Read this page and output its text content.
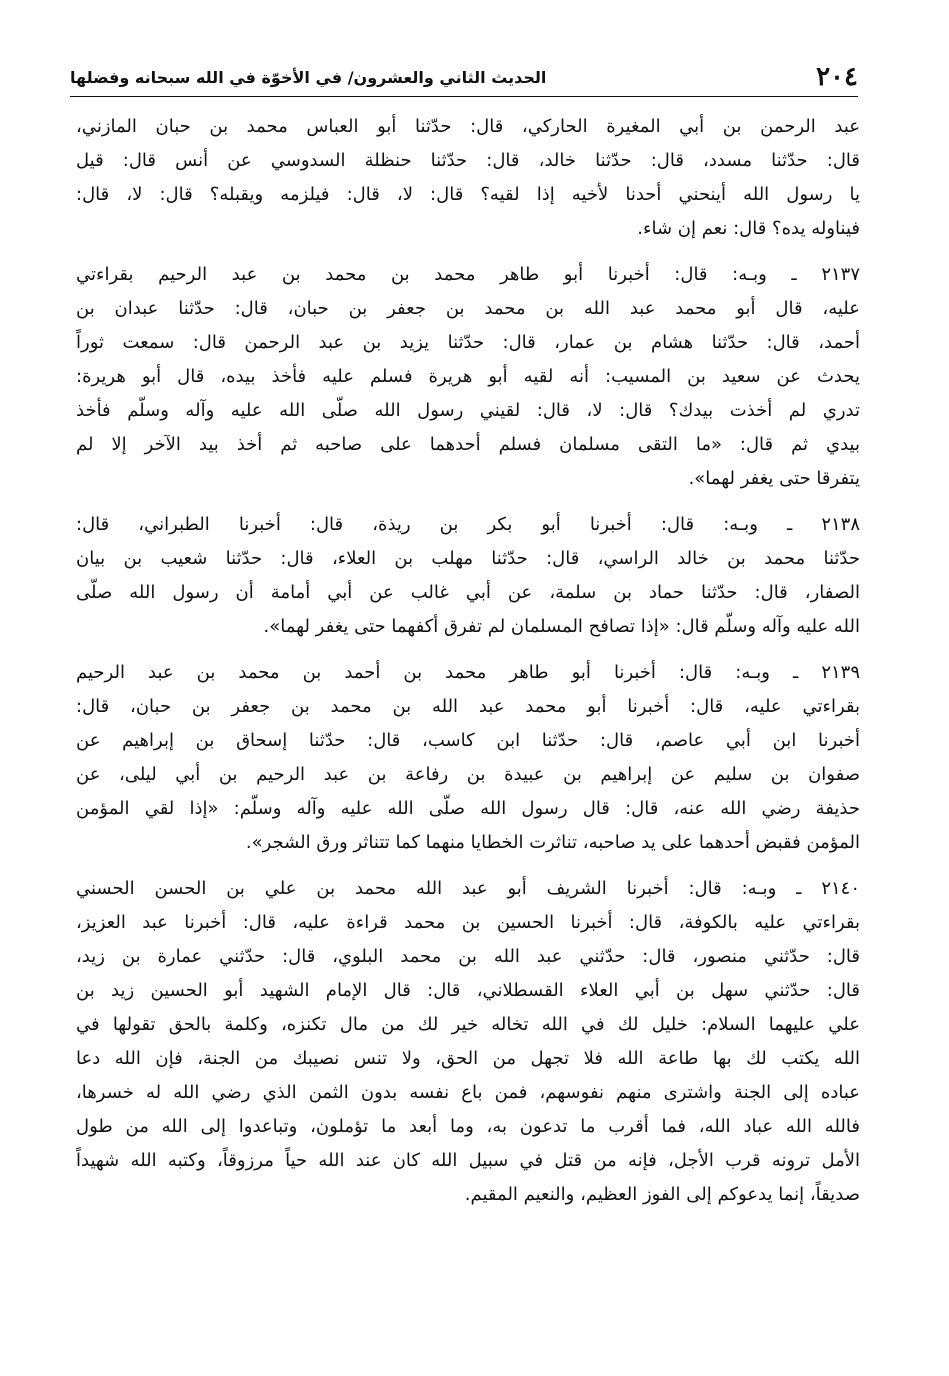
٢٠٤
الحديث الثاني والعشرون/ في الأخوّة في الله سبحانه وفضلها
عبد الرحمن بن أبي المغيرة الحاركي، قال: حدّثنا أبو العباس محمد بن حبان المازني،
قال: حدّثنا مسدد، قال: حدّثنا خالد، قال: حدّثنا حنظلة السدوسي عن أنس قال: قيل
يا رسول الله أينحني أحدنا لأخيه إذا لقيه؟ قال: لا، قال: فيلزمه ويقبله؟ قال: لا، قال:
فيناوله يده؟ قال: نعم إن شاء.
٢١٣٧ ـ وبـه: قال: أخبرنا أبو طاهر محمد بن محمد بن عبد الرحيم بقراءتي
عليه، قال أبو محمد عبد الله بن محمد بن جعفر بن حبان، قال: حدّثنا عبدان بن
أحمد، قال: حدّثنا هشام بن عمار، قال: حدّثنا يزيد بن عبد الرحمن قال: سمعت ثوراً
يحدث عن سعيد بن المسيب: أنه لقيه أبو هريرة فسلم عليه فأخذ بيده، قال أبو هريرة:
تدري لم أخذت بيدك؟ قال: لا، قال: لقيني رسول الله صلّى الله عليه وآله وسلّم فأخذ
بيدي ثم قال: «ما التقى مسلمان فسلم أحدهما على صاحبه ثم أخذ بيد الآخر إلا لم
يتفرقا حتى يغفر لهما».
٢١٣٨ ـ وبـه: قال: أخبرنا أبو بكر بن ريذة، قال: أخبرنا الطبراني، قال:
حدّثنا محمد بن خالد الراسي، قال: حدّثنا مهلب بن العلاء، قال: حدّثنا شعيب بن بيان
الصفار، قال: حدّثنا حماد بن سلمة، عن أبي غالب عن أبي أمامة أن رسول الله صلّى
الله عليه وآله وسلّم قال: «إذا تصافح المسلمان لم تفرق أكفهما حتى يغفر لهما».
٢١٣٩ ـ وبـه: قال: أخبرنا أبو طاهر محمد بن أحمد بن محمد بن عبد الرحيم
بقراءتي عليه، قال: أخبرنا أبو محمد عبد الله بن محمد بن جعفر بن حبان، قال:
أخبرنا ابن أبي عاصم، قال: حدّثنا ابن كاسب، قال: حدّثنا إسحاق بن إبراهيم عن
صفوان بن سليم عن إبراهيم بن عبيدة بن رفاعة بن عبد الرحيم بن أبي ليلى، عن
حذيفة رضي الله عنه، قال: قال رسول الله صلّى الله عليه وآله وسلّم: «إذا لقي المؤمن
المؤمن فقبض أحدهما على يد صاحبه، تناثرت الخطايا منهما كما تتناثر ورق الشجر».
٢١٤٠ ـ وبـه: قال: أخبرنا الشريف أبو عبد الله محمد بن علي بن الحسن الحسني
بقراءتي عليه بالكوفة، قال: أخبرنا الحسين بن محمد قراءة عليه، قال: أخبرنا عبد العزيز،
قال: حدّثني منصور، قال: حدّثني عبد الله بن محمد البلوي، قال: حدّثني عمارة بن زيد،
قال: حدّثني سهل بن أبي العلاء القسطلاني، قال: قال الإمام الشهيد أبو الحسين زيد بن
علي عليهما السلام: خليل لك في الله تخاله خير لك من مال تكنزه، وكلمة بالحق تقولها في
الله يكتب لك بها طاعة الله فلا تجهل من الحق، ولا تنس نصيبك من الجنة، فإن الله دعا
عباده إلى الجنة واشترى منهم نفوسهم، فمن باع نفسه بدون الثمن الذي رضي الله له خسرها،
فالله الله عباد الله، فما أقرب ما تدعون به، وما أبعد ما تؤملون، وتباعدوا إلى الله من طول
الأمل ترونه قرب الأجل، فإنه من قتل في سبيل الله كان عند الله حياً مرزوقاً، وكتبه الله شهيداً
صديقاً، إنما يدعوكم إلى الفوز العظيم، والنعيم المقيم.
